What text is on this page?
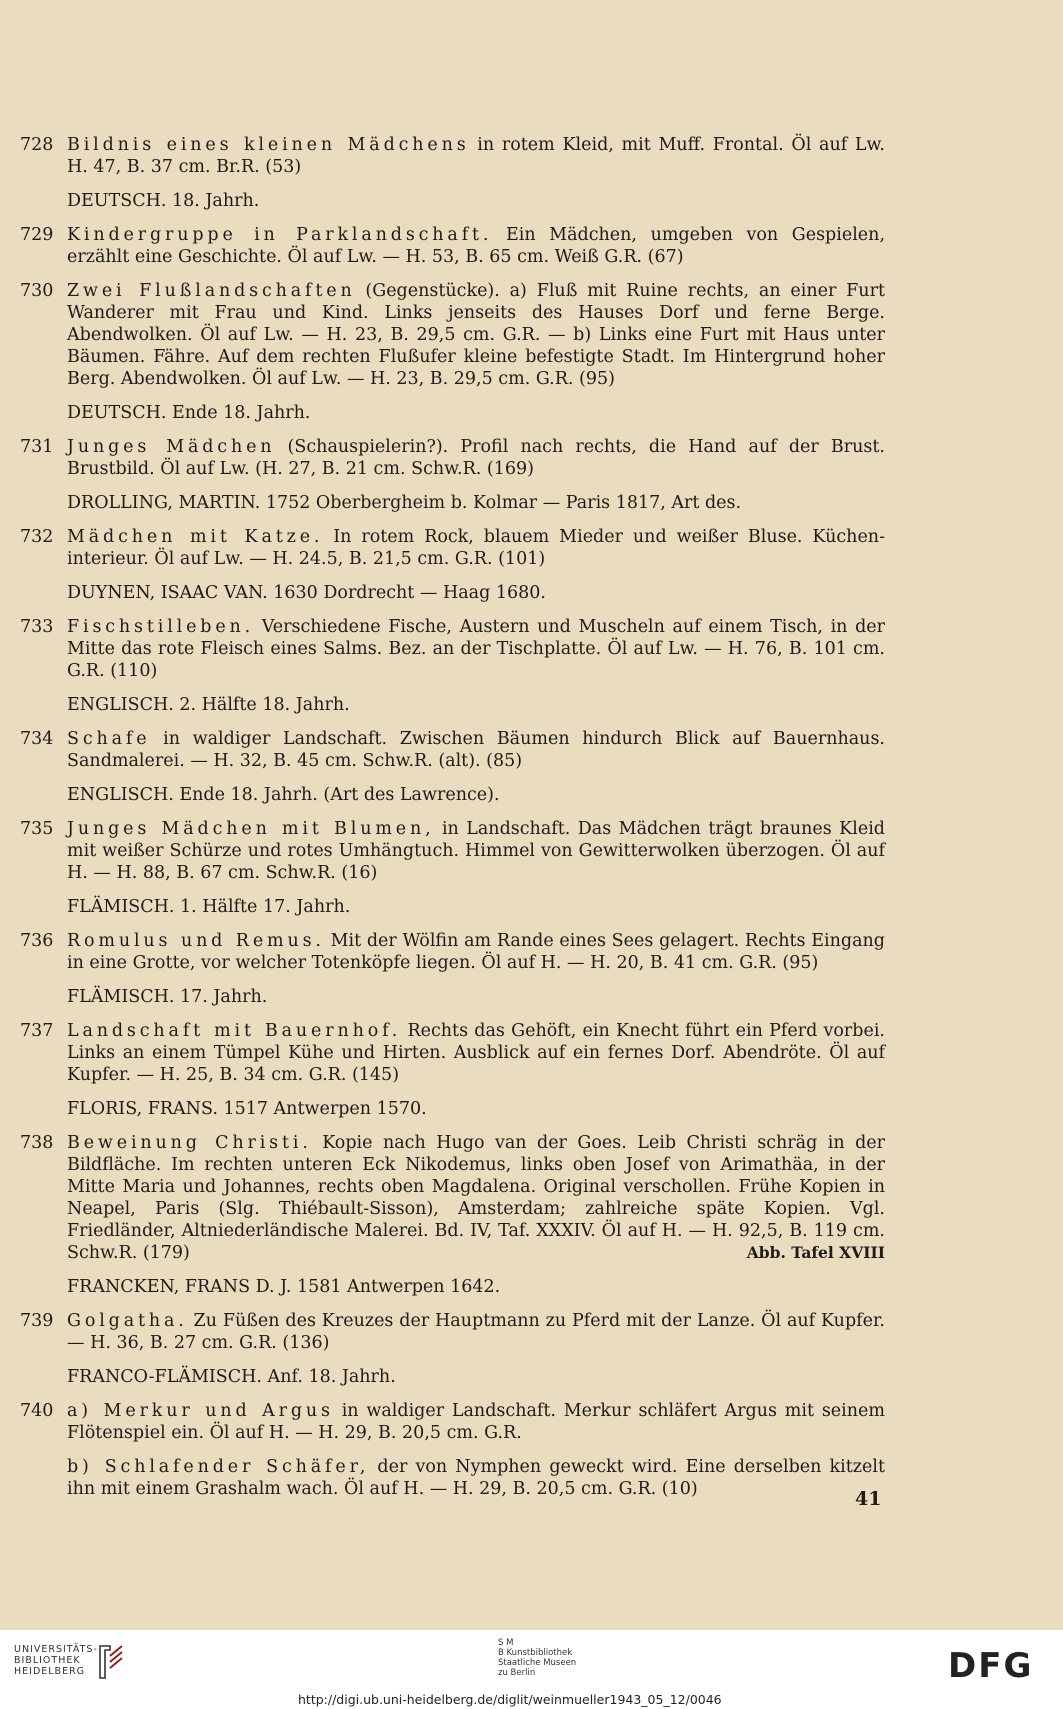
728 Bildnis eines kleinen Mädchens in rotem Kleid, mit Muff. Frontal. Öl auf Lw. H. 47, B. 37 cm. Br.R. (53)
DEUTSCH. 18. Jahrh.
729 Kindergruppe in Parklandschaft. Ein Mädchen, umgeben von Gespielen, erzählt eine Geschichte. Öl auf Lw. — H. 53, B. 65 cm. Weiß G.R. (67)
730 Zwei Flußlandschaften (Gegenstücke). a) Fluß mit Ruine rechts, an einer Furt Wanderer mit Frau und Kind. Links jenseits des Hauses Dorf und ferne Berge. Abendwolken. Öl auf Lw. — H. 23, B. 29,5 cm. G.R. — b) Links eine Furt mit Haus unter Bäumen. Fähre. Auf dem rechten Flußufer kleine befestigte Stadt. Im Hintergrund hoher Berg. Abendwolken. Öl auf Lw. — H. 23, B. 29,5 cm. G.R. (95)
DEUTSCH. Ende 18. Jahrh.
731 Junges Mädchen (Schauspielerin?). Profil nach rechts, die Hand auf der Brust. Brustbild. Öl auf Lw. (H. 27, B. 21 cm. Schw.R. (169)
DROLLING, MARTIN. 1752 Oberbergheim b. Kolmar — Paris 1817, Art des.
732 Mädchen mit Katze. In rotem Rock, blauem Mieder und weißer Bluse. Küchen-interieur. Öl auf Lw. — H. 24.5, B. 21,5 cm. G.R. (101)
DUYNEN, ISAAC VAN. 1630 Dordrecht — Haag 1680.
733 Fischstilleben. Verschiedene Fische, Austern und Muscheln auf einem Tisch, in der Mitte das rote Fleisch eines Salms. Bez. an der Tischplatte. Öl auf Lw. — H. 76, B. 101 cm. G.R. (110)
ENGLISCH. 2. Hälfte 18. Jahrh.
734 Schafe in waldiger Landschaft. Zwischen Bäumen hindurch Blick auf Bauernhaus. Sandmalerei. — H. 32, B. 45 cm. Schw.R. (alt). (85)
ENGLISCH. Ende 18. Jahrh. (Art des Lawrence).
735 Junges Mädchen mit Blumen, in Landschaft. Das Mädchen trägt braunes Kleid mit weißer Schürze und rotes Umhängtuch. Himmel von Gewitterwolken überzogen. Öl auf H. — H. 88, B. 67 cm. Schw.R. (16)
FLÄMISCH. 1. Hälfte 17. Jahrh.
736 Romulus und Remus. Mit der Wölfin am Rande eines Sees gelagert. Rechts Eingang in eine Grotte, vor welcher Totenköpfe liegen. Öl auf H. — H. 20, B. 41 cm. G.R. (95)
FLÄMISCH. 17. Jahrh.
737 Landschaft mit Bauernhof. Rechts das Gehöft, ein Knecht führt ein Pferd vorbei. Links an einem Tümpel Kühe und Hirten. Ausblick auf ein fernes Dorf. Abendröte. Öl auf Kupfer. — H. 25, B. 34 cm. G.R. (145)
FLORIS, FRANS. 1517 Antwerpen 1570.
738 Beweinung Christi. Kopie nach Hugo van der Goes. Leib Christi schräg in der Bildfläche. Im rechten unteren Eck Nikodemus, links oben Josef von Arimathäa, in der Mitte Maria und Johannes, rechts oben Magdalena. Original verschollen. Frühe Kopien in Neapel, Paris (Slg. Thiébault-Sisson), Amsterdam; zahlreiche späte Kopien. Vgl. Friedländer, Altniederländische Malerei. Bd. IV, Taf. XXXIV. Öl auf H. — H. 92,5, B. 119 cm. Schw.R. (179)	Abb. Tafel XVIII
FRANCKEN, FRANS D. J. 1581 Antwerpen 1642.
739 Golgatha. Zu Füßen des Kreuzes der Hauptmann zu Pferd mit der Lanze. Öl auf Kupfer. — H. 36, B. 27 cm. G.R. (136)
FRANCO-FLÄMISCH. Anf. 18. Jahrh.
740 a) Merkur und Argus in waldiger Landschaft. Merkur schläfert Argus mit seinem Flötenspiel ein. Öl auf H. — H. 29, B. 20,5 cm. G.R.
b) Schlafender Schäfer, der von Nymphen geweckt wird. Eine derselben kitzelt ihn mit einem Grashalm wach. Öl auf H. — H. 29, B. 20,5 cm. G.R. (10)	41
UNIVERSITÄTS-
BIBLIOTHEK
HEIDELBERG
S M
B Kunstbibliothek
Staatliche Museen
zu Berlin	DFG
http://digi.ub.uni-heidelberg.de/diglit/weinmueller1943_05_12/0046
